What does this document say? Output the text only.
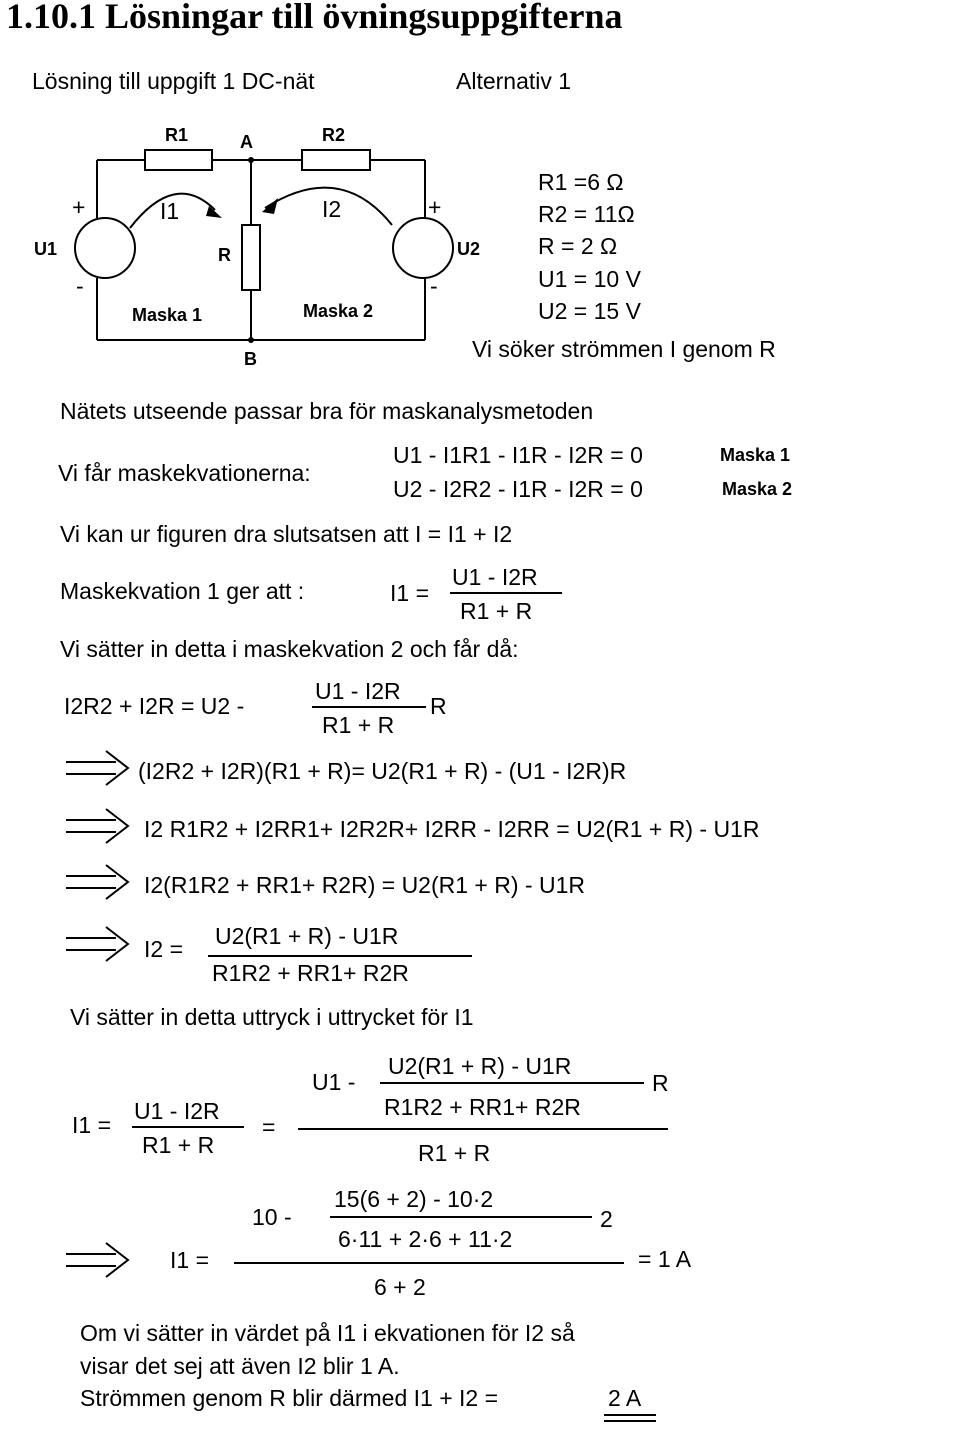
1.10.1 Lösningar till övningsuppgifterna
Lösning till uppgift 1 DC-nät	Alternativ 1
R1	A	R2
+	+
I1	I2
U1	R	U2
-	-
Maska 1	Maska 2
B
R1 =6 Ω
R2 = 11Ω
R = 2 Ω
U1 = 10 V
U2 = 15 V
Vi söker strömmen I genom R
Nätets utseende passar bra för maskanalysmetoden
Vi får maskekvationerna:
U1 - I1R1 - I1R - I2R = 0	Maska 1
U2 - I2R2 - I1R - I2R = 0	Maska 2
Vi kan ur figuren dra slutsatsen att I = I1 + I2
Maskekvation 1 ger att :	I1 =
U1 - I2R
R1 + R
Vi sätter in detta i maskekvation 2 och får då:
I2R2 + I2R = U2 -
U1 - I2R
R1 + R
R
(I2R2 + I2R)(R1 + R)= U2(R1 + R) - (U1 - I2R)R
I2 R1R2 + I2RR1+ I2R2R+ I2RR - I2RR = U2(R1 + R) - U1R
I2(R1R2 + RR1+ R2R) = U2(R1 + R) - U1R
I2 = U2(R1 + R) - U1R
R1R2 + RR1+ R2R
Vi sätter in detta uttryck i uttrycket för I1
I1 =
U1 - I2R
R1 + R
=
U1 -
U2(R1 + R) - U1R
R1R2 + RR1+ R2R
R
R1 + R
I1 =
10 -
15(6 + 2) - 10·2
6·11 + 2·6 + 11·2
2
6 + 2
= 1 A
Om vi sätter in värdet på I1 i ekvationen för I2 så
visar det sej att även I2 blir 1 A.
Strömmen genom R blir därmed I1 + I2 =	2 A
